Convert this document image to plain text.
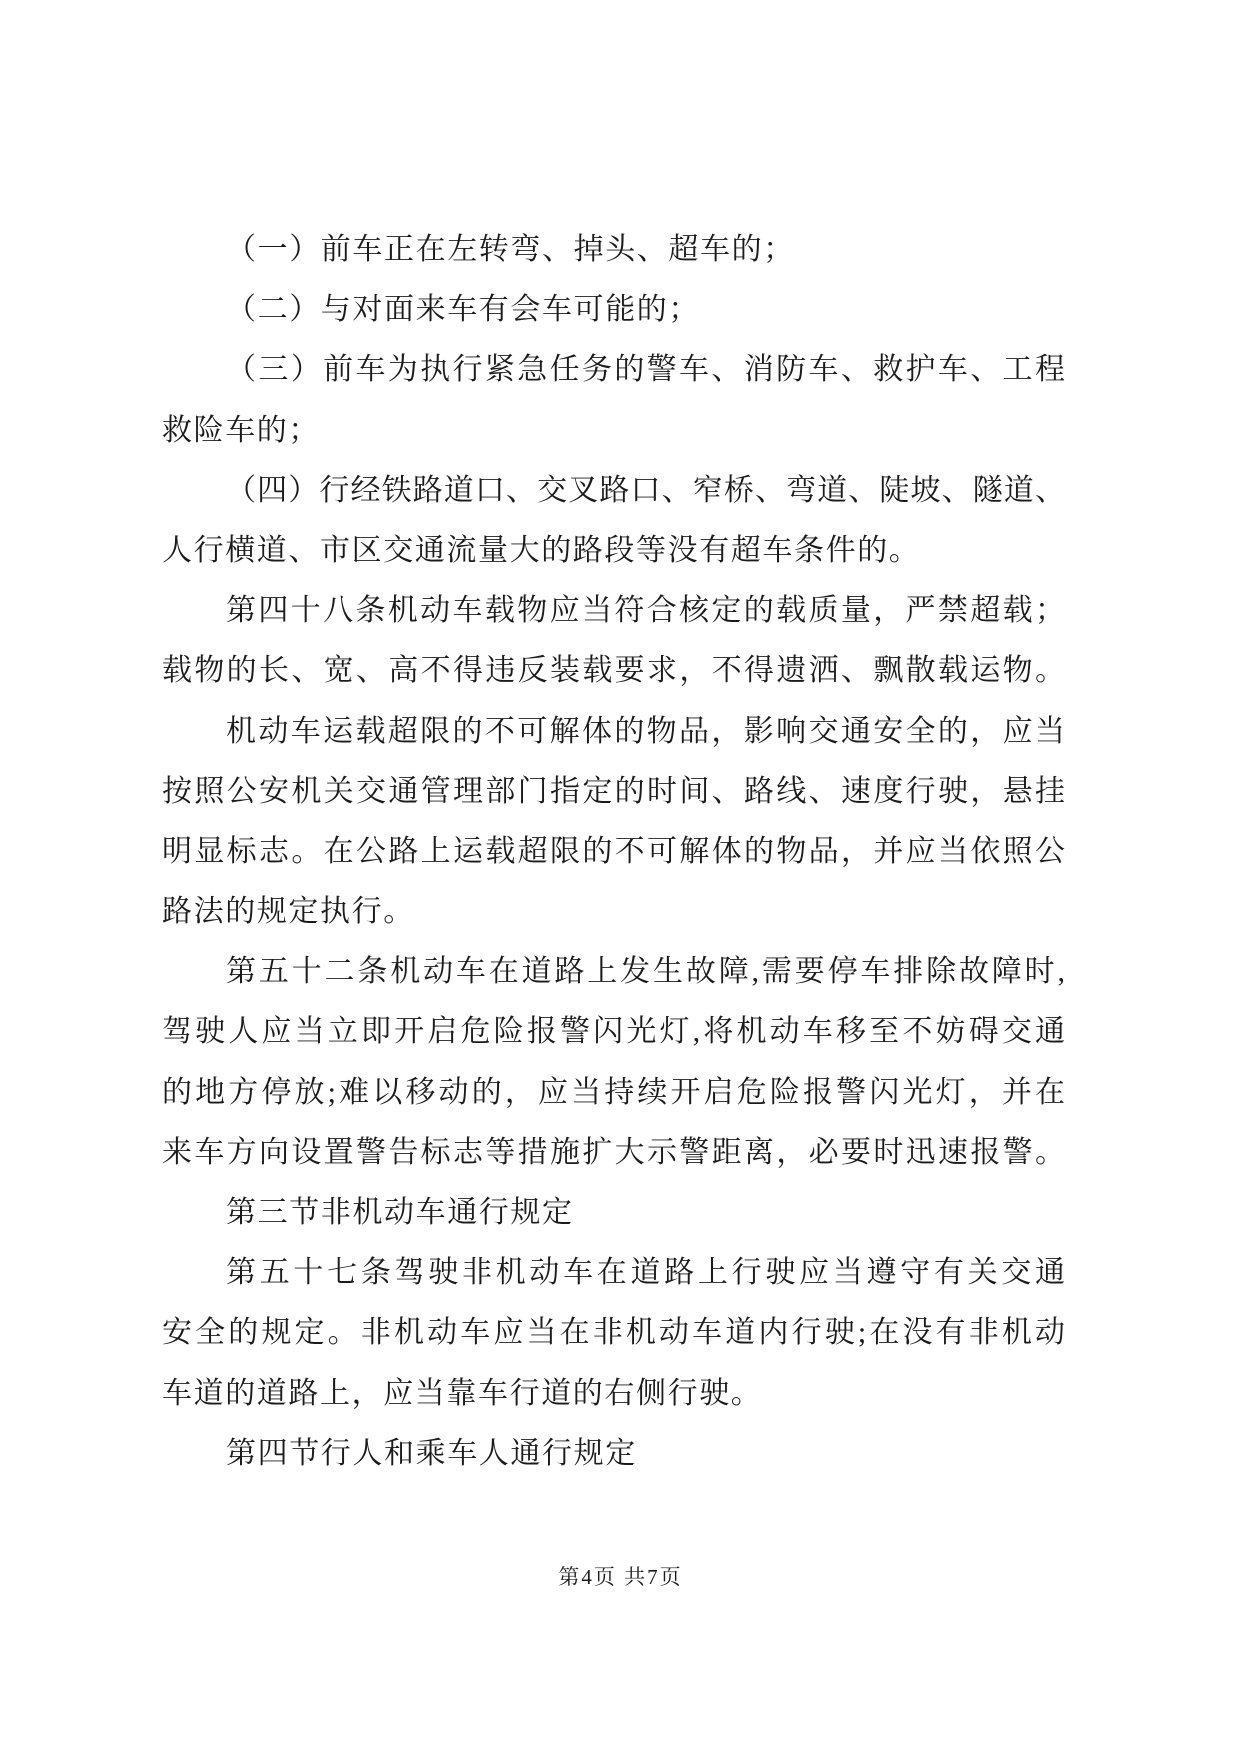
（一）前车正在左转弯、掉头、超车的；
（二）与对面来车有会车可能的；
（三）前车为执行紧急任务的警车、消防车、救护车、工程
救险车的；
（四）行经铁路道口、交叉路口、窄桥、弯道、陡坡、隧道、
人行横道、市区交通流量大的路段等没有超车条件的。
第四十八条机动车载物应当符合核定的载质量，严禁超载；
载物的长、宽、高不得违反装载要求，不得遗洒、飘散载运物。
机动车运载超限的不可解体的物品，影响交通安全的，应当
按照公安机关交通管理部门指定的时间、路线、速度行驶，悬挂
明显标志。在公路上运载超限的不可解体的物品，并应当依照公
路法的规定执行。
第五十二条机动车在道路上发生故障,需要停车排除故障时,
驾驶人应当立即开启危险报警闪光灯,将机动车移至不妨碍交通
的地方停放;难以移动的，应当持续开启危险报警闪光灯，并在
来车方向设置警告标志等措施扩大示警距离，必要时迅速报警。
第三节非机动车通行规定
第五十七条驾驶非机动车在道路上行驶应当遵守有关交通
安全的规定。非机动车应当在非机动车道内行驶;在没有非机动
车道的道路上，应当靠车行道的右侧行驶。
第四节行人和乘车人通行规定
第4页 共7页
